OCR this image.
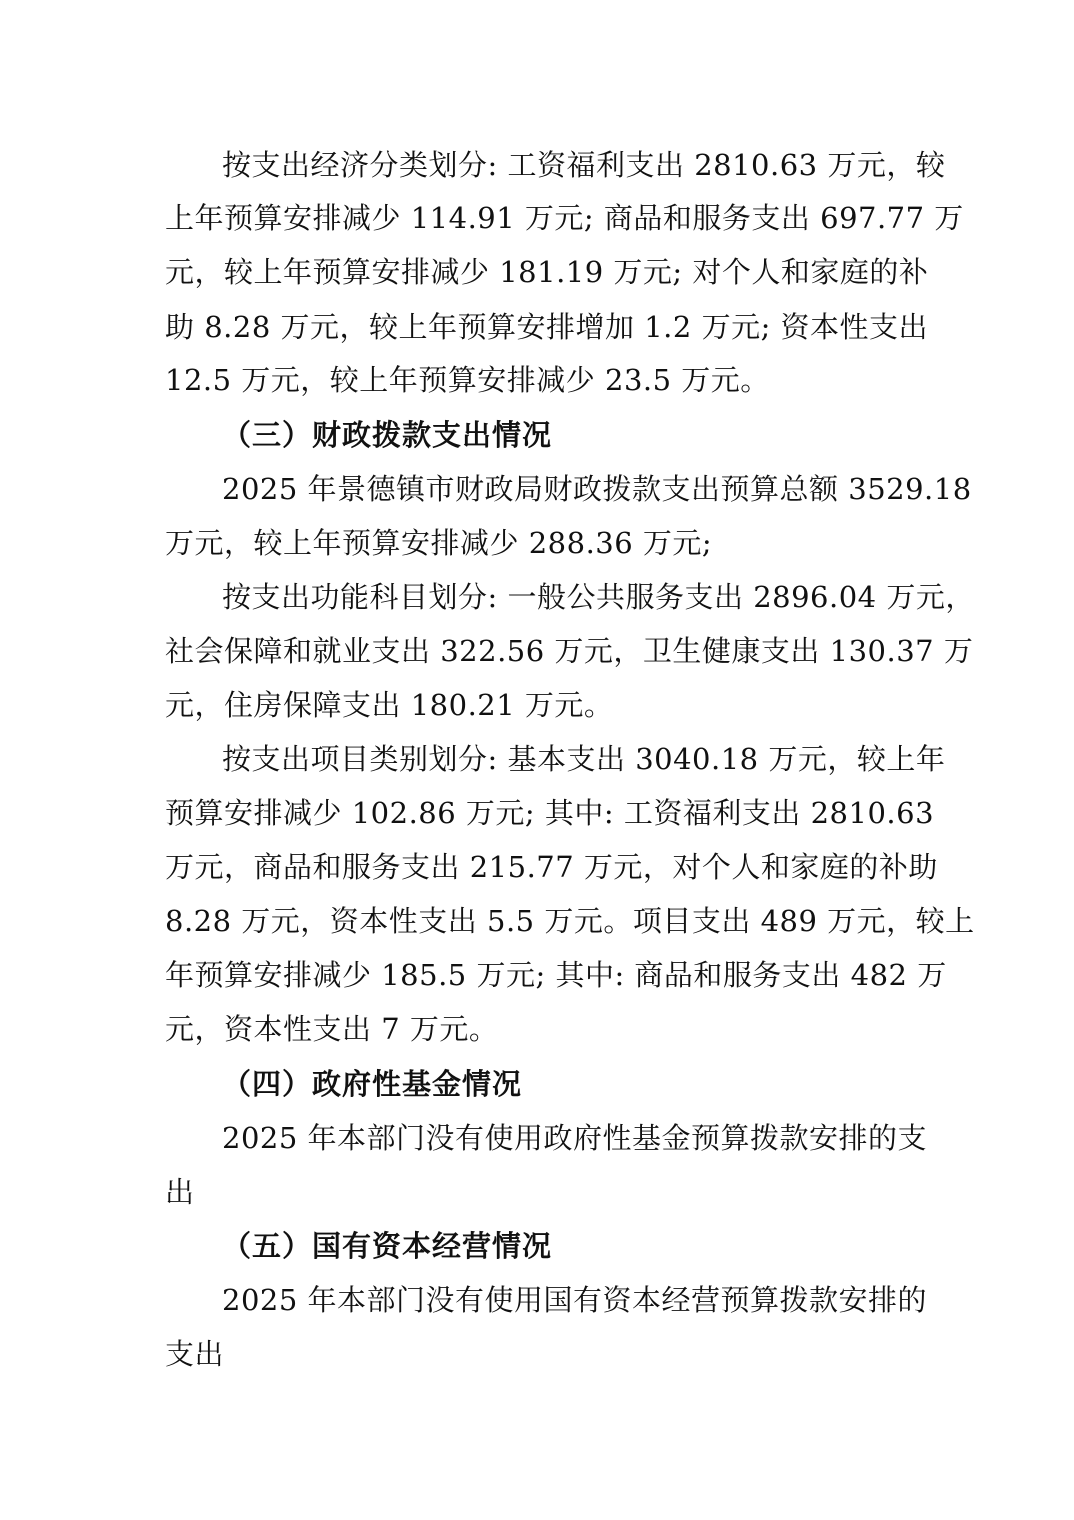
按支出经济分类划分: 工资福利支出 2810.63 万元，较
上年预算安排减少 114.91 万元; 商品和服务支出 697.77 万
元，较上年预算安排减少 181.19 万元; 对个人和家庭的补
助 8.28 万元，较上年预算安排增加 1.2 万元; 资本性支出
12.5 万元，较上年预算安排减少 23.5 万元。
（三）财政拨款支出情况
2025 年景德镇市财政局财政拨款支出预算总额 3529.18
万元，较上年预算安排减少 288.36 万元;
按支出功能科目划分: 一般公共服务支出 2896.04 万元，
社会保障和就业支出 322.56 万元，卫生健康支出 130.37 万
元，住房保障支出 180.21 万元。
按支出项目类别划分: 基本支出 3040.18 万元，较上年
预算安排减少 102.86 万元; 其中: 工资福利支出 2810.63
万元，商品和服务支出 215.77 万元，对个人和家庭的补助
8.28 万元，资本性支出 5.5 万元。项目支出 489 万元，较上
年预算安排减少 185.5 万元; 其中: 商品和服务支出 482 万
元，资本性支出 7 万元。
（四）政府性基金情况
2025 年本部门没有使用政府性基金预算拨款安排的支
出
（五）国有资本经营情况
2025 年本部门没有使用国有资本经营预算拨款安排的
支出
